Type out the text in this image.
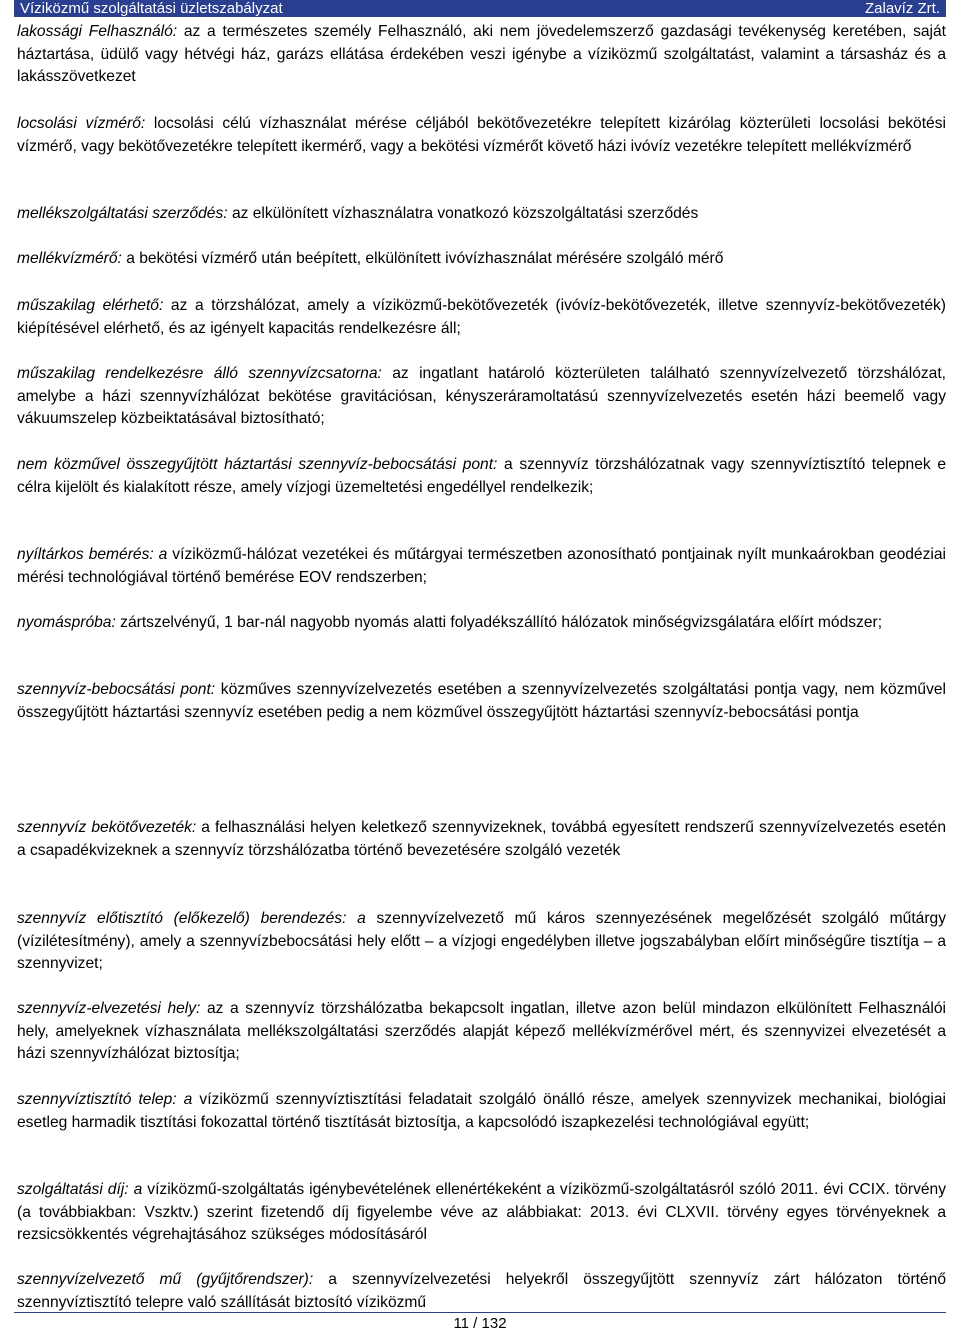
Víziközmű szolgáltatási üzletszabályzat	Zalavíz Zrt.

lakossági Felhasználó: az a természetes személy Felhasználó, aki nem jövedelemszerző gazdasági tevékenység keretében, saját háztartása, üdülő vagy hétvégi ház, garázs ellátása érdekében veszi igénybe a víziközmű szolgáltatást, valamint a társasház és a lakásszövetkezet

locsolási vízmérő: locsolási célú vízhasználat mérése céljából bekötővezetékre telepített kizárólag közterületi locsolási bekötési vízmérő, vagy bekötővezetékre telepített ikermérő, vagy a bekötési vízmérőt követő házi ivóvíz vezetékre telepített mellékvízmérő

mellékszolgáltatási szerződés: az elkülönített vízhasználatra vonatkozó közszolgáltatási szerződés

mellékvízmérő: a bekötési vízmérő után beépített, elkülönített ivóvízhasználat mérésére szolgáló mérő

műszakilag elérhető: az a törzshálózat, amely a víziközmű-bekötővezeték (ivóvíz-bekötővezeték, illetve szennyvíz-bekötővezeték) kiépítésével elérhető, és az igényelt kapacitás rendelkezésre áll;

műszakilag rendelkezésre álló szennyvízcsatorna: az ingatlant határoló közterületen található szennyvízelvezető törzshálózat, amelybe a házi szennyvízhálózat bekötése gravitációsan, kényszeráramoltatású szennyvízelvezetés esetén házi beemelő vagy vákuumszelep közbeiktatásával biztosítható;

nem közművel összegyűjtött háztartási szennyvíz-bebocsátási pont: a szennyvíz törzshálózatnak vagy szennyvíztisztító telepnek e célra kijelölt és kialakított része, amely vízjogi üzemeltetési engedéllyel rendelkezik;

nyíltárkos bemérés: a víziközmű-hálózat vezetékei és műtárgyai természetben azonosítható pontjainak nyílt munkaárokban geodéziai mérési technológiával történő bemérése EOV rendszerben;

nyomáspróba: zártszelvényű, 1 bar-nál nagyobb nyomás alatti folyadékszállító hálózatok minőségvizsgálatára előírt módszer;

szennyvíz-bebocsátási pont: közműves szennyvízelvezetés esetében a szennyvízelvezetés szolgáltatási pontja vagy, nem közművel összegyűjtött háztartási szennyvíz esetében pedig a nem közművel összegyűjtött háztartási szennyvíz-bebocsátási pontja

szennyvíz bekötővezeték: a felhasználási helyen keletkező szennyvizeknek, továbbá egyesített rendszerű szennyvízelvezetés esetén a csapadékvizeknek a szennyvíz törzshálózatba történő bevezetésére szolgáló vezeték

szennyvíz előtisztító (előkezelő) berendezés: a szennyvízelvezető mű káros szennyezésének megelőzését szolgáló műtárgy (vízilétesítmény), amely a szennyvízbebocsátási hely előtt – a vízjogi engedélyben illetve jogszabályban előírt minőségűre tisztítja – a szennyvizet;

szennyvíz-elvezetési hely: az a szennyvíz törzshálózatba bekapcsolt ingatlan, illetve azon belül mindazon elkülönített Felhasználói hely, amelyeknek vízhasználata mellékszolgáltatási szerződés alapját képező mellékvízmérővel mért, és szennyvizei elvezetését a házi szennyvízhálózat biztosítja;

szennyvíztisztító telep: a víziközmű szennyvíztisztítási feladatait szolgáló önálló része, amelyek szennyvizek mechanikai, biológiai esetleg harmadik tisztítási fokozattal történő tisztítását biztosítja, a kapcsolódó iszapkezelési technológiával együtt;

szolgáltatási díj: a víziközmű-szolgáltatás igénybevételének ellenértékeként a víziközmű-szolgáltatásról szóló 2011. évi CCIX. törvény (a továbbiakban: Vszktv.) szerint fizetendő díj figyelembe véve az alábbiakat: 2013. évi CLXVII. törvény egyes törvényeknek a rezsicsökkentés végrehajtásához szükséges módosításáról

szennyvízelvezető mű (gyűjtőrendszer): a szennyvízelvezetési helyekről összegyűjtött szennyvíz zárt hálózaton történő szennyvíztisztító telepre való szállítását biztosító víziközmű

11 / 132
